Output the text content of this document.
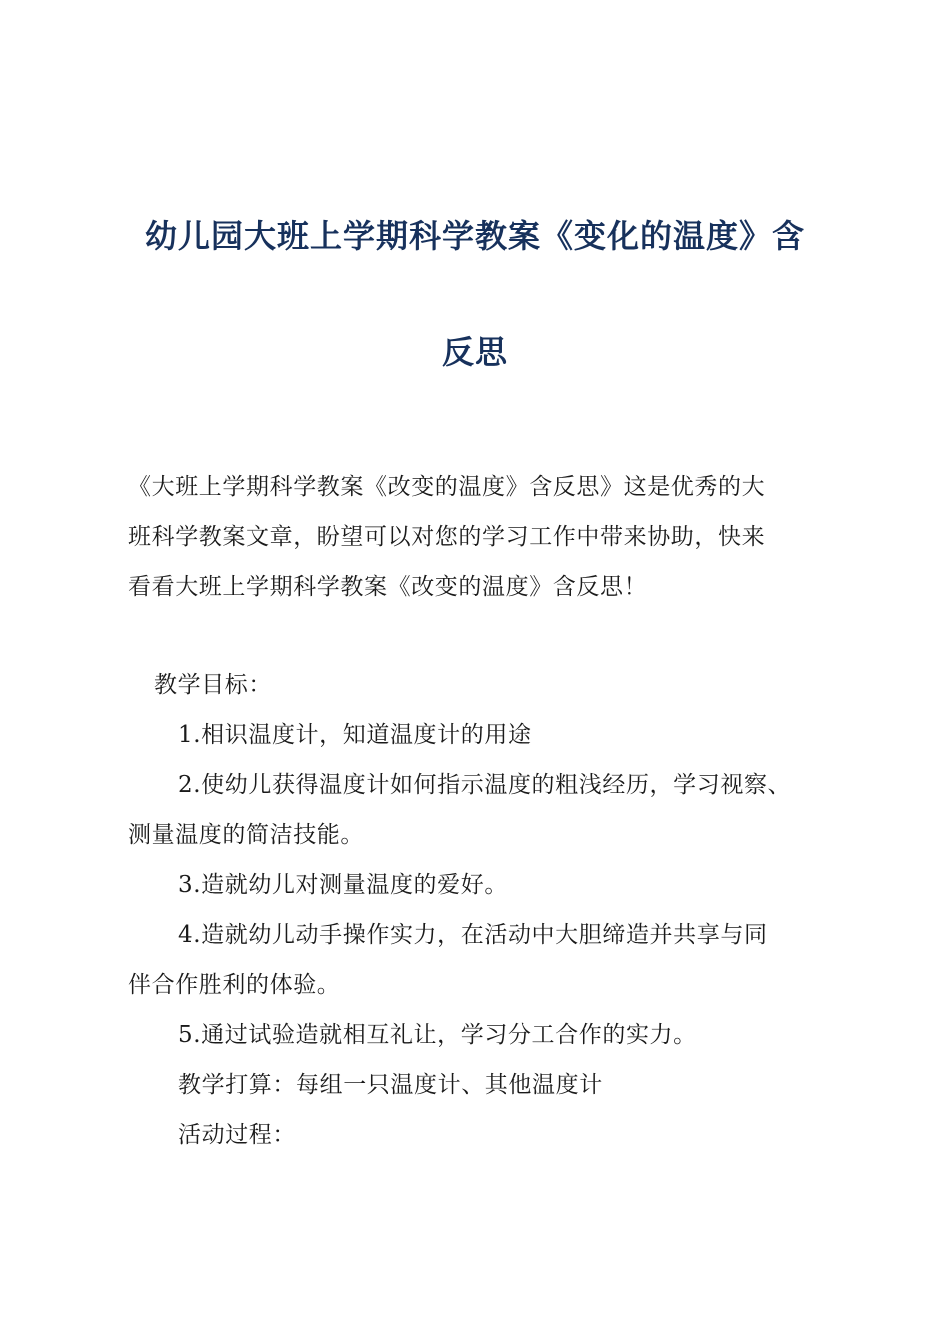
幼儿园大班上学期科学教案《变化的温度》含
反思
《大班上学期科学教案《改变的温度》含反思》这是优秀的大
班科学教案文章，盼望可以对您的学习工作中带来协助，快来
看看大班上学期科学教案《改变的温度》含反思！
教学目标：
1.相识温度计，知道温度计的用途
2.使幼儿获得温度计如何指示温度的粗浅经历，学习视察、
测量温度的简洁技能。
3.造就幼儿对测量温度的爱好。
4.造就幼儿动手操作实力，在活动中大胆缔造并共享与同
伴合作胜利的体验。
5.通过试验造就相互礼让，学习分工合作的实力。
教学打算：每组一只温度计、其他温度计
活动过程：
